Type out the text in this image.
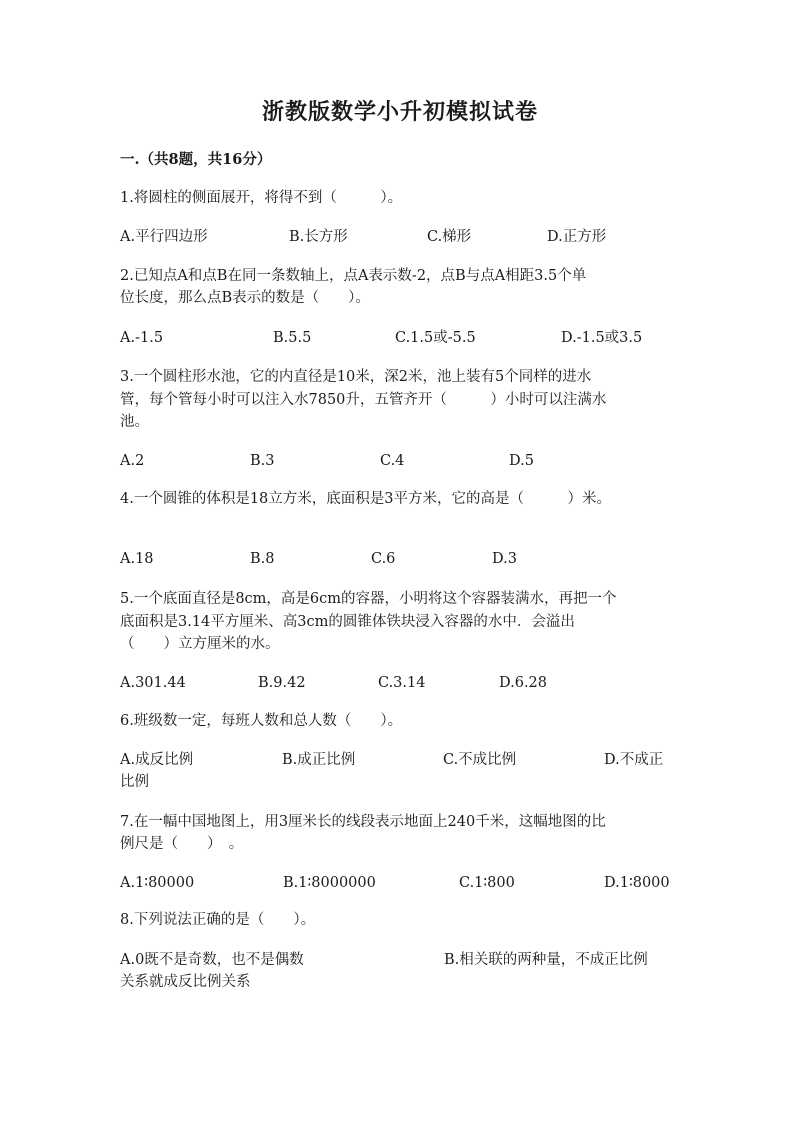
浙教版数学小升初模拟试卷
一.（共8题，共16分）
1.将圆柱的侧面展开，将得不到（　　　）。
A.平行四边形	B.长方形	C.梯形	D.正方形
2.已知点A和点B在同一条数轴上，点A表示数-2，点B与点A相距3.5个单
位长度，那么点B表示的数是（　　）。
A.-1.5	B.5.5	C.1.5或-5.5	D.-1.5或3.5
3.一个圆柱形水池，它的内直径是10米，深2米，池上装有5个同样的进水
管，每个管每小时可以注入水7850升，五管齐开（　　　）小时可以注满水
池。
A.2	B.3	C.4	D.5
4.一个圆锥的体积是18立方米，底面积是3平方米，它的高是（　　　）米。
A.18	B.8	C.6	D.3
5.一个底面直径是8cm，高是6cm的容器，小明将这个容器装满水，再把一个
底面积是3.14平方厘米、高3cm的圆锥体铁块浸入容器的水中．会溢出
（　　）立方厘米的水。
A.301.44	B.9.42	C.3.14	D.6.28
6.班级数一定，每班人数和总人数（　　）。
A.成反比例	B.成正比例	C.不成比例	D.不成正
比例
7.在一幅中国地图上，用3厘米长的线段表示地面上240千米，这幅地图的比
例尺是（　　）　。
A.1∶80000	B.1∶8000000	C.1∶800	D.1∶8000
8.下列说法正确的是（　　）。
A.0既不是奇数，也不是偶数	B.相关联的两种量，不成正比例
关系就成反比例关系
